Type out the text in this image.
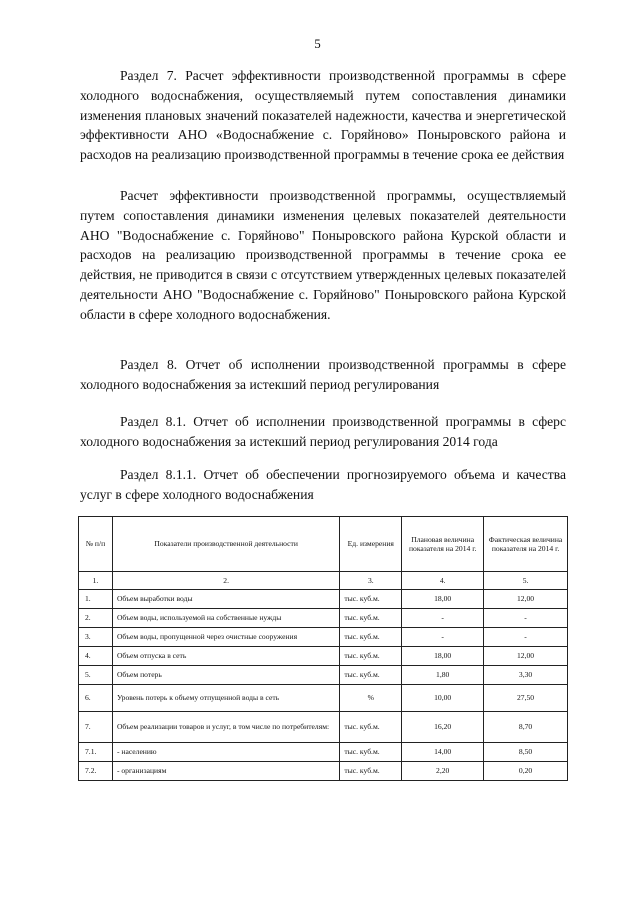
5

Раздел 7. Расчет эффективности производственной программы в сфере холодного водоснабжения, осуществляемый путем сопоставления динамики изменения плановых значений показателей надежности, качества и энергетической эффективности АНО «Водоснабжение с. Горяйново» Поныровского района и расходов на реализацию производственной программы в течение срока ее действия

Расчет эффективности производственной программы, осуществляемый путем сопоставления динамики изменения целевых показателей деятельности АНО "Водоснабжение с. Горяйново" Поныровского района Курской области и расходов на реализацию производственной программы в течение срока ее действия, не приводится в связи с отсутствием утвержденных целевых показателей деятельности АНО "Водоснабжение с. Горяйново" Поныровского района Курской области в сфере холодного водоснабжения.

Раздел 8. Отчет об исполнении производственной программы в сфере холодного водоснабжения за истекший период регулирования

Раздел 8.1. Отчет об исполнении производственной программы в сферс холодного водоснабжения за истекший период регулирования 2014 года

Раздел 8.1.1. Отчет об обеспечении прогнозируемого объема и качества услуг в сфере холодного водоснабжения

№ п/п	Показатели производственной деятельности	Ед. измерения	Плановая величина показателя на 2014 г.	Фактическая величина показателя на 2014 г.
1.	2.	3.	4.	5.
1.	Объем выработки воды	тыс. куб.м.	18,00	12,00
2.	Объем воды, используемой на собственные нужды	тыс. куб.м.	-	-
3.	Объем воды, пропущенной через очистные сооружения	тыс. куб.м.	-	-
4.	Объем отпуска в сеть	тыс. куб.м.	18,00	12,00
5.	Объем потерь	тыс. куб.м.	1,80	3,30
6.	Уровень потерь к объему отпущенной воды в сеть	%	10,00	27,50
7.	Объем реализации товаров и услуг, в том числе по потребителям:	тыс. куб.м.	16,20	8,70
7.1.	- населению	тыс. куб.м.	14,00	8,50
7.2.	- организациям	тыс. куб.м.	2,20	0,20
